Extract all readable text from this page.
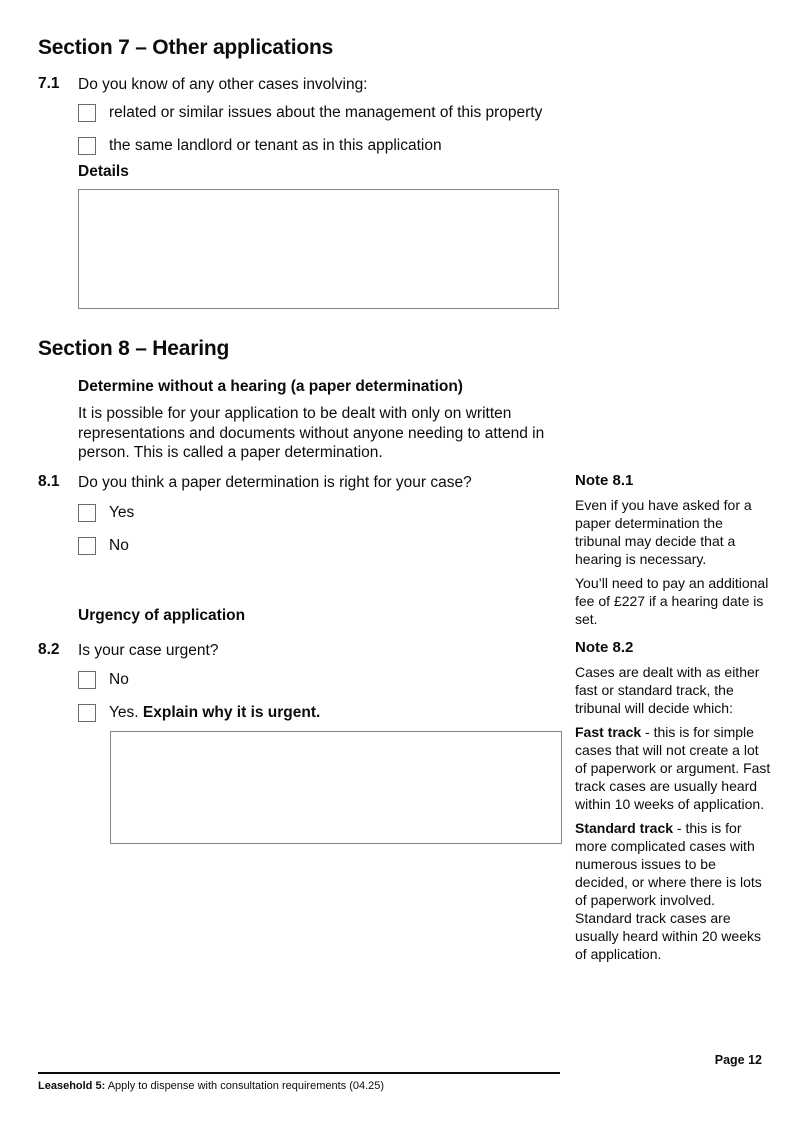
Section 7 – Other applications
7.1	Do you know of any other cases involving:
related or similar issues about the management of this property
the same landlord or tenant as in this application
Details
Section 8 – Hearing
Determine without a hearing (a paper determination)
It is possible for your application to be dealt with only on written representations and documents without anyone needing to attend in person. This is called a paper determination.
8.1	Do you think a paper determination is right for your case?
Yes
No
Urgency of application
8.2	Is your case urgent?
No
Yes. Explain why it is urgent.
Note 8.1

Even if you have asked for a paper determination the tribunal may decide that a hearing is necessary.

You’ll need to pay an additional fee of £227 if a hearing date is set.

Note 8.2

Cases are dealt with as either fast or standard track, the tribunal will decide which:

Fast track - this is for simple cases that will not create a lot of paperwork or argument. Fast track cases are usually heard within 10 weeks of application.

Standard track - this is for more complicated cases with numerous issues to be decided, or where there is lots of paperwork involved. Standard track cases are usually heard within 20 weeks of application.

Page 12
Leasehold 5: Apply to dispense with consultation requirements (04.25)
